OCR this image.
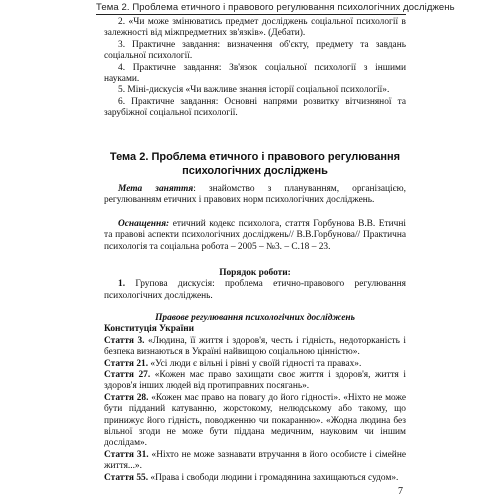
Тема 2. Проблема етичного і правового регулювання психологічних досліджень

2. «Чи може змінюватись предмет досліджень соціальної психології в залежності від міжпредметних зв'язків». (Дебати).

3. Практичне завдання: визначення об'єкту, предмету та завдань соціальної психології.

4. Практичне завдання: Зв'язок соціальної психології з іншими науками.

5. Міні-дискусія «Чи важливе знання історії соціальної психології».

6. Практичне завдання: Основні напрями розвитку вітчизняної та зарубіжної соціальної психології.

Тема 2. Проблема етичного і правового регулювання
психологічних досліджень

Мета заняття: знайомство з плануванням, організацією, регулюванням етичних і правових норм психологічних досліджень.

Оснащення: етичний кодекс психолога, стаття Горбунова В.В. Етичні та правові аспекти психологічних досліджень// В.В.Горбунова// Практична психологія та соціальна робота – 2005 – №3. – С.18 – 23.

Порядок роботи:

1. Групова дискусія: проблема етично-правового регулювання психологічних досліджень.

Правове регулювання психологічних досліджень
Конституція України

Стаття 3. «Людина, її життя і здоров'я, честь і гідність, недоторканість і безпека визнаються в Україні найвищою соціальною цінністю».

Стаття 21. «Усі люди є вільні і рівні у своїй гідності та правах».

Стаття 27. «Кожен має право захищати своє життя і здоров'я, життя і здоров'я інших людей від протиправних посягань».

Стаття 28. «Кожен має право на повагу до його гідності». «Ніхто не може бути підданий катуванню, жорстокому, нелюдському або такому, що принижує його гідність, поводженню чи покаранню». «Жодна людина без вільної згоди не може бути піддана медичним, науковим чи іншим дослідам».

Стаття 31. «Ніхто не може зазнавати втручання в його особисте і сімейне життя...».

Стаття 55. «Права і свободи людини і громадянина захищаються судом».

7
